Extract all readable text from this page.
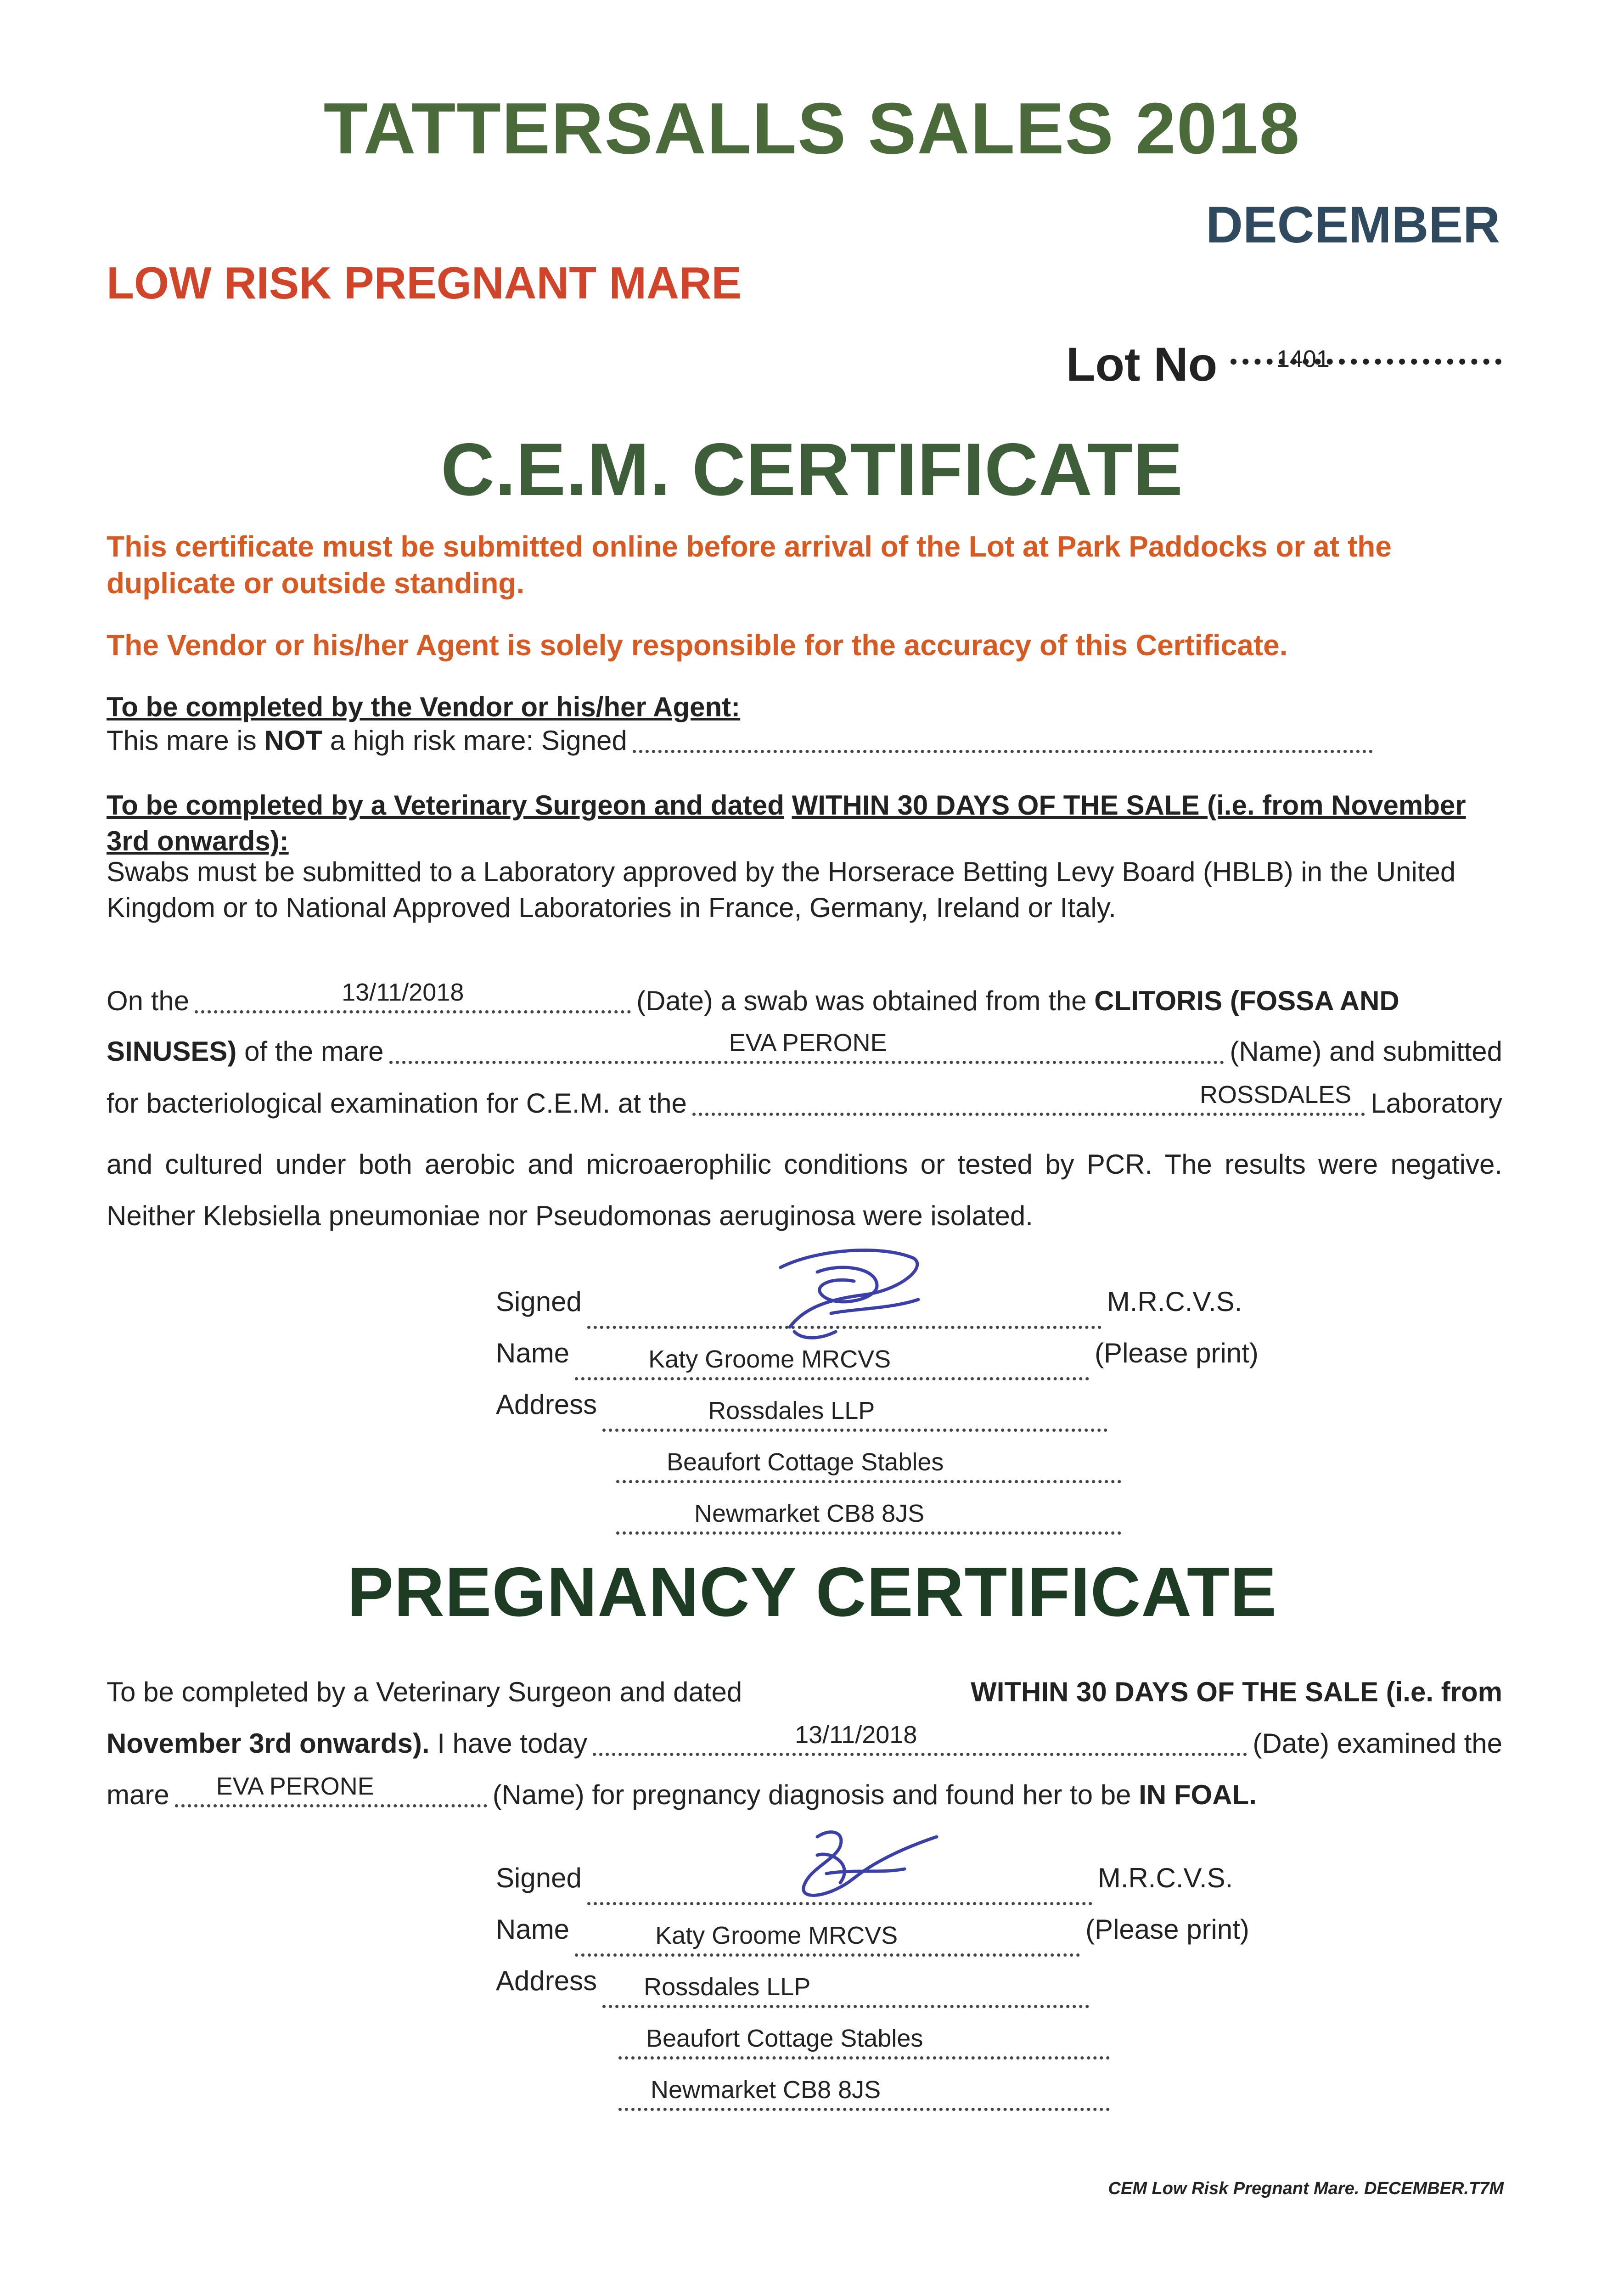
TATTERSALLS SALES 2018
DECEMBER
LOW RISK PREGNANT MARE
Lot No 1401
C.E.M. CERTIFICATE
This certificate must be submitted online before arrival of the Lot at Park Paddocks or at the duplicate or outside standing.
The Vendor or his/her Agent is solely responsible for the accuracy of this Certificate.
To be completed by the Vendor or his/her Agent:
This mare is
NOT
a high risk mare: Signed
To be completed by a Veterinary Surgeon and dated WITHIN 30 DAYS OF THE SALE (i.e. from November 3rd onwards):
Swabs must be submitted to a Laboratory approved by the Horserace Betting Levy Board (HBLB) in the United Kingdom or to National Approved Laboratories in France, Germany, Ireland or Italy.
On the	13/11/2018	(Date) a swab was obtained from the
CLITORIS (FOSSA AND
SINUSES)
of the mare	EVA PERONE	(Name) and submitted
for bacteriological examination for C.E.M. at the	ROSSDALES Laboratory
and cultured under both aerobic and microaerophilic conditions or tested by PCR. The results were negative. Neither Klebsiella pneumoniae nor Pseudomonas aeruginosa were isolated.
Signed	M.R.C.V.S.
Name	Katy Groome MRCVS	(Please print)
Address	Rossdales LLP
Beaufort Cottage Stables
Newmarket CB8 8JS
PREGNANCY CERTIFICATE
To be completed by a Veterinary Surgeon and dated	WITHIN 30 DAYS OF THE SALE (i.e. from
November 3rd onwards).
I have today	13/11/2018	(Date) examined the
mare EVA PERONE	(Name) for pregnancy diagnosis and found her to be
IN FOAL.
Signed	M.R.C.V.S.
Name	Katy Groome MRCVS	(Please print)
Address Rossdales LLP
Beaufort Cottage Stables
Newmarket CB8 8JS
CEM Low Risk Pregnant Mare. DECEMBER.T7M
